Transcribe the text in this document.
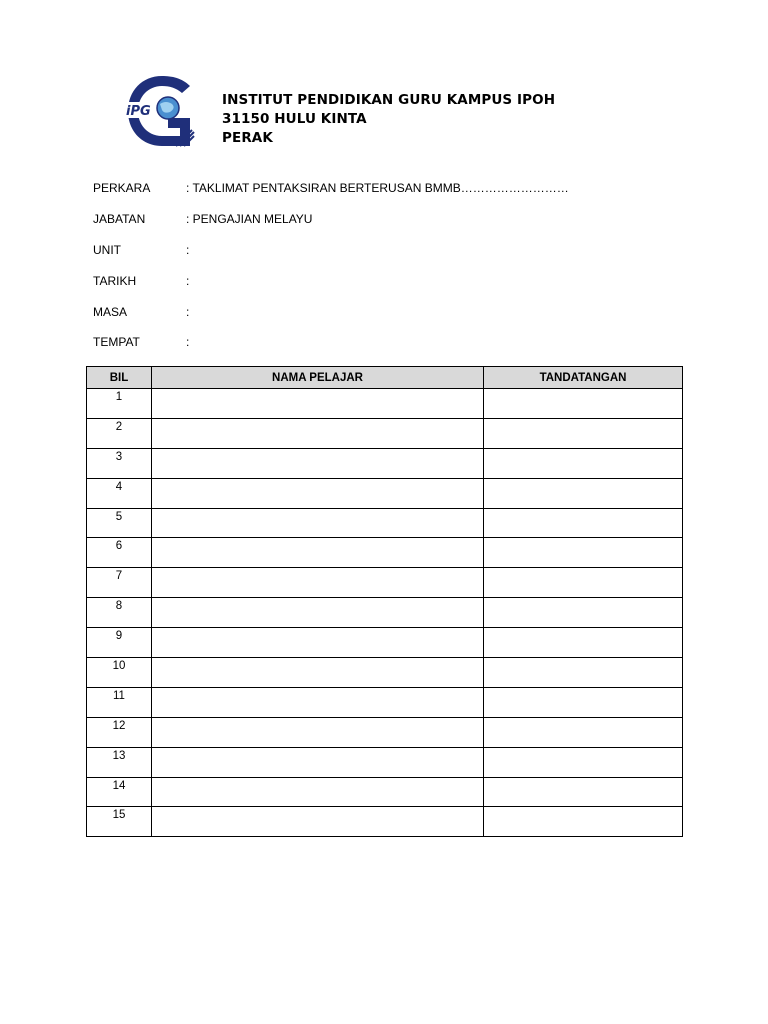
iPG
INSTITUT PENDIDIKAN GURU KAMPUS IPOH
31150 HULU KINTA
PERAK
PERKARA	: TAKLIMAT PENTAKSIRAN BERTERUSAN BMMB………………………
JABATAN	: PENGAJIAN MELAYU
UNIT	:
TARIKH	:
MASA	:
TEMPAT	:
BIL	NAMA PELAJAR	TANDATANGAN
1		
2		
3		
4		
5		
6		
7		
8		
9		
10		
11		
12		
13		
14		
15		
